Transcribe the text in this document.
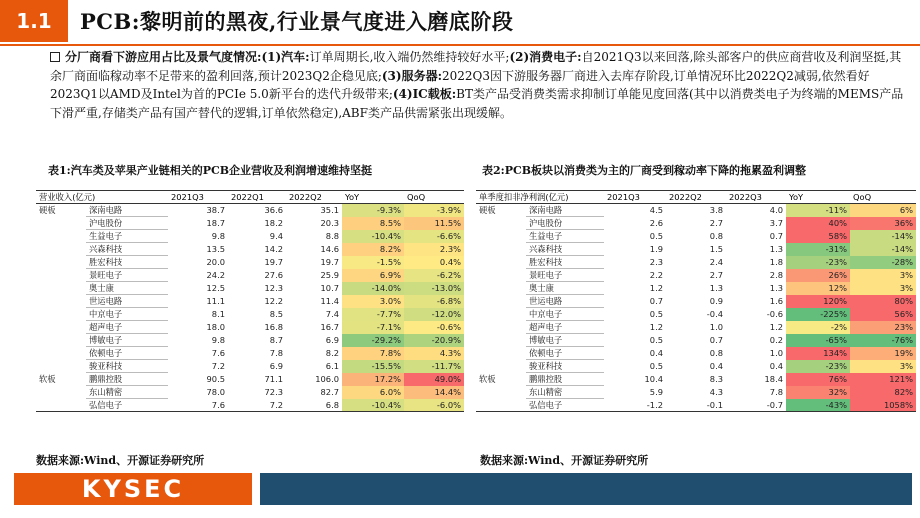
1.1	PCB:黎明前的黑夜,行业景气度进入磨底阶段
分厂商看下游应用占比及景气度情况:(1)汽车:订单周期长,收入端仍然维持较好水平;(2)消费电子:自2021Q3以来回落,除头部客户的供应商营收及利润坚挺,其余厂商面临稼动率不足带来的盈利回落,预计2023Q2企稳见底;(3)服务器:2022Q3因下游服务器厂商进入去库存阶段,订单情况环比2022Q2减弱,依然看好2023Q1以AMD及Intel为首的PCIe 5.0新平台的迭代升级带来;(4)IC载板:BT类产品受消费类需求抑制订单能见度回落(其中以消费类电子为终端的MEMS产品下滑严重,存储类产品有国产替代的逻辑,订单依然稳定),ABF类产品供需紧张出现缓解。
表1:汽车类及苹果产业链相关的PCB企业营收及利润增速维持坚挺	表2:PCB板块以消费类为主的厂商受到稼动率下降的拖累盈利调整
营业收入(亿元)		2021Q3	2022Q1	2022Q2	YoY	QoQ
硬板	深南电路	38.7	36.6	35.1	-9.3%	-3.9%
	沪电股份	18.7	18.2	20.3	8.5%	11.5%
	生益电子	9.8	9.4	8.8	-10.4%	-6.6%
	兴森科技	13.5	14.2	14.6	8.2%	2.3%
	胜宏科技	20.0	19.7	19.7	-1.5%	0.4%
	景旺电子	24.2	27.6	25.9	6.9%	-6.2%
	奥士康	12.5	12.3	10.7	-14.0%	-13.0%
	世运电路	11.1	12.2	11.4	3.0%	-6.8%
	中京电子	8.1	8.5	7.4	-7.7%	-12.0%
	超声电子	18.0	16.8	16.7	-7.1%	-0.6%
	博敏电子	9.8	8.7	6.9	-29.2%	-20.9%
	依顿电子	7.6	7.8	8.2	7.8%	4.3%
	骏亚科技	7.2	6.9	6.1	-15.5%	-11.7%
软板	鹏鼎控股	90.5	71.1	106.0	17.2%	49.0%
	东山精密	78.0	72.3	82.7	6.0%	14.4%
	弘信电子	7.6	7.2	6.8	-10.4%	-6.0%
单季度扣非净利润(亿元)		2021Q3	2022Q2	2022Q3	YoY	QoQ
硬板	深南电路	4.5	3.8	4.0	-11%	6%
	沪电股份	2.6	2.7	3.7	40%	36%
	生益电子	0.5	0.8	0.7	58%	-14%
	兴森科技	1.9	1.5	1.3	-31%	-14%
	胜宏科技	2.3	2.4	1.8	-23%	-28%
	景旺电子	2.2	2.7	2.8	26%	3%
	奥士康	1.2	1.3	1.3	12%	3%
	世运电路	0.7	0.9	1.6	120%	80%
	中京电子	0.5	-0.4	-0.6	-225%	56%
	超声电子	1.2	1.0	1.2	-2%	23%
	博敏电子	0.5	0.7	0.2	-65%	-76%
	依顿电子	0.4	0.8	1.0	134%	19%
	骏亚科技	0.5	0.4	0.4	-23%	3%
软板	鹏鼎控股	10.4	8.3	18.4	76%	121%
	东山精密	5.9	4.3	7.8	32%	82%
	弘信电子	-1.2	-0.1	-0.7	-43%	1058%
数据来源:Wind、开源证券研究所	数据来源:Wind、开源证券研究所
KYSEC
